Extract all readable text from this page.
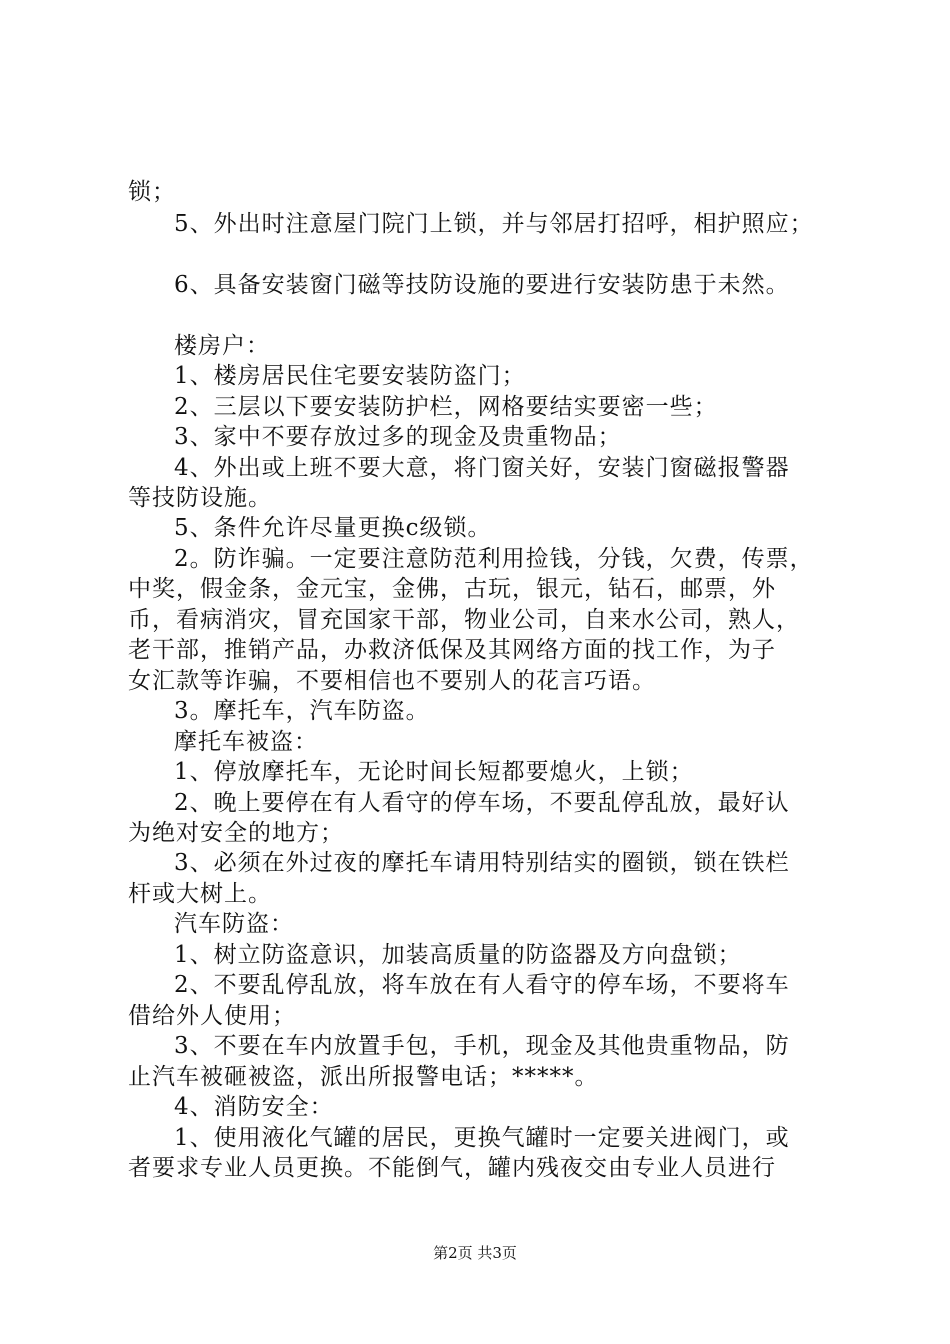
锁；
5、外出时注意屋门院门上锁，并与邻居打招呼，相护照应；
6、具备安装窗门磁等技防设施的要进行安装防患于未然。
楼房户：
1、楼房居民住宅要安装防盗门；
2、三层以下要安装防护栏，网格要结实要密一些；
3、家中不要存放过多的现金及贵重物品；
4、外出或上班不要大意，将门窗关好，安装门窗磁报警器
等技防设施。
5、条件允许尽量更换c级锁。
2。防诈骗。一定要注意防范利用捡钱，分钱，欠费，传票，
中奖，假金条，金元宝，金佛，古玩，银元，钻石，邮票，外
币，看病消灾，冒充国家干部，物业公司，自来水公司，熟人，
老干部，推销产品，办救济低保及其网络方面的找工作，为子
女汇款等诈骗，不要相信也不要别人的花言巧语。
3。摩托车，汽车防盗。
摩托车被盗：
1、停放摩托车，无论时间长短都要熄火，上锁；
2、晚上要停在有人看守的停车场，不要乱停乱放，最好认
为绝对安全的地方；
3、必须在外过夜的摩托车请用特别结实的圈锁，锁在铁栏
杆或大树上。
汽车防盗：
1、树立防盗意识，加装高质量的防盗器及方向盘锁；
2、不要乱停乱放，将车放在有人看守的停车场，不要将车
借给外人使用；
3、不要在车内放置手包，手机，现金及其他贵重物品，防
止汽车被砸被盗，派出所报警电话；*****。
4、消防安全：
1、使用液化气罐的居民，更换气罐时一定要关进阀门，或
者要求专业人员更换。不能倒气，罐内残夜交由专业人员进行
第2页 共3页
